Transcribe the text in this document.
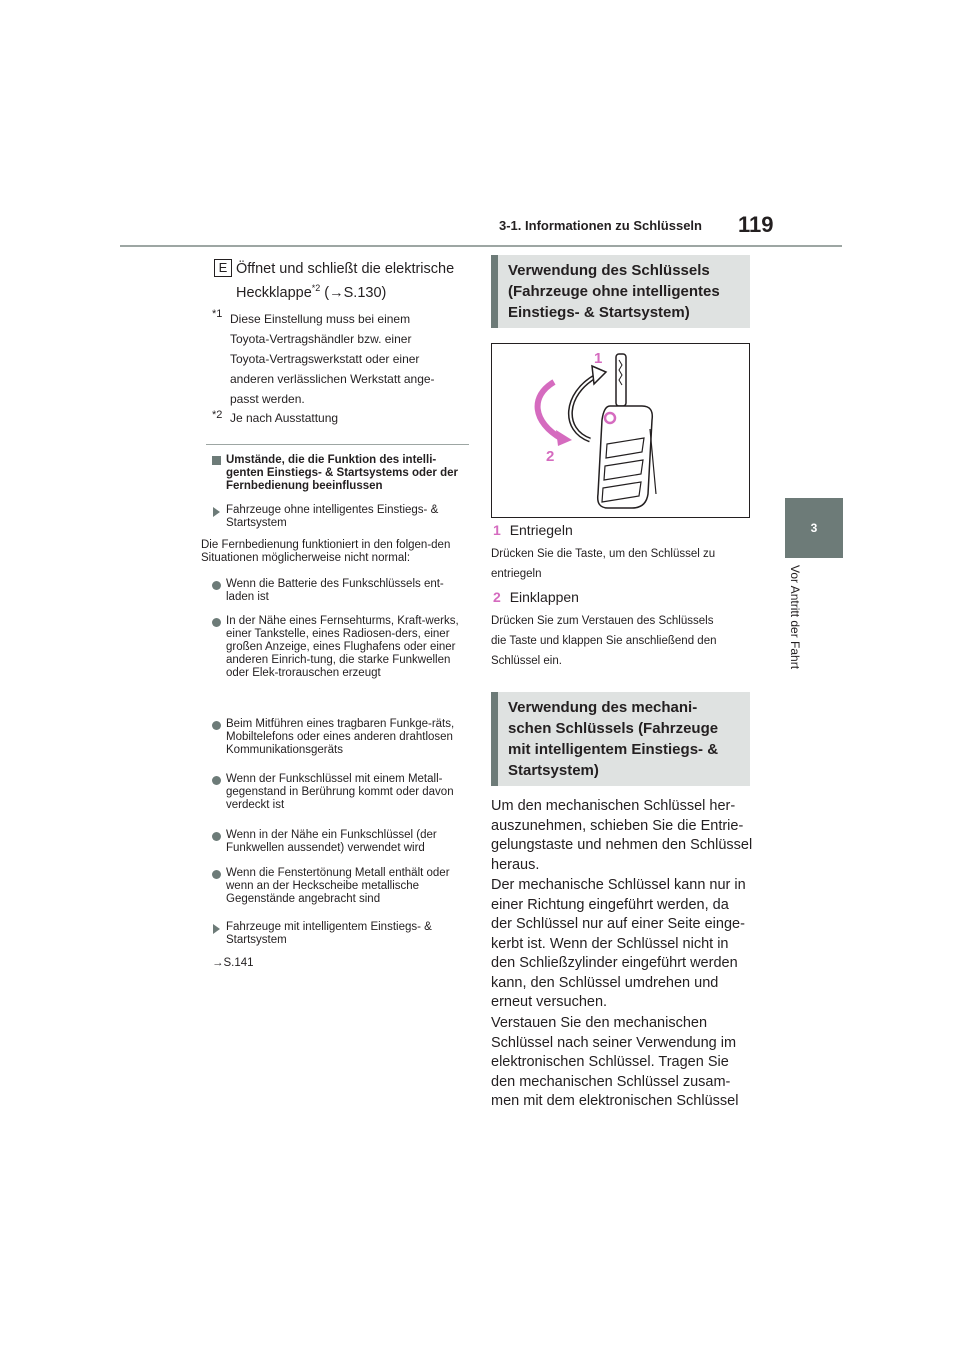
3-1. Informationen zu Schlüsseln 119
3
Vor Antritt der Fahrt
E Öffnet und schließt die elektrische
Heckklappe$^{*2}$ (→S.130)
*1 Diese Einstellung muss bei einem
Toyota-Vertragshändler bzw. einer
Toyota-Vertragswerkstatt oder einer
anderen verlässlichen Werkstatt ange-
passt werden.
*2 Je nach Ausstattung
Umstände, die die Funktion des intelli-genten Einstiegs- & Startsystems oder der Fernbedienung beeinflussen
Fahrzeuge ohne intelligentes Einstiegs- & Startsystem
Die Fernbedienung funktioniert in den folgen-den Situationen möglicherweise nicht normal:
Wenn die Batterie des Funkschlüssels ent-laden ist
In der Nähe eines Fernsehturms, Kraft-werks, einer Tankstelle, eines Radiosen-ders, einer großen Anzeige, eines Flughafens oder einer anderen Einrich-tung, die starke Funkwellen oder Elek-trorauschen erzeugt
Beim Mitführen eines tragbaren Funkge-räts, Mobiltelefons oder eines anderen drahtlosen Kommunikationsgeräts
Wenn der Funkschlüssel mit einem Metall-gegenstand in Berührung kommt oder davon verdeckt ist
Wenn in der Nähe ein Funkschlüssel (der Funkwellen aussendet) verwendet wird
Wenn die Fenstertönung Metall enthält oder wenn an der Heckscheibe metallische Gegenstände angebracht sind
Fahrzeuge mit intelligentem Einstiegs- & Startsystem
→S.141
Verwendung des Schlüssels (Fahrzeuge ohne intelligentes Einstiegs- & Startsystem)
1
2
1 Entriegeln
Drücken Sie die Taste, um den Schlüssel zu
entriegeln
2 Einklappen
Drücken Sie zum Verstauen des Schlüssels
die Taste und klappen Sie anschließend den
Schlüssel ein.
Verwendung des mechani-schen Schlüssels (Fahrzeuge mit intelligentem Einstiegs- & Startsystem)
Um den mechanischen Schlüssel her-auszunehmen, schieben Sie die Entrie-gelungstaste und nehmen den Schlüssel heraus.
Der mechanische Schlüssel kann nur in einer Richtung eingeführt werden, da der Schlüssel nur auf einer Seite einge-kerbt ist. Wenn der Schlüssel nicht in den Schließzylinder eingeführt werden kann, den Schlüssel umdrehen und erneut versuchen.
Verstauen Sie den mechanischen Schlüssel nach seiner Verwendung im elektronischen Schlüssel. Tragen Sie den mechanischen Schlüssel zusam-men mit dem elektronischen Schlüssel
